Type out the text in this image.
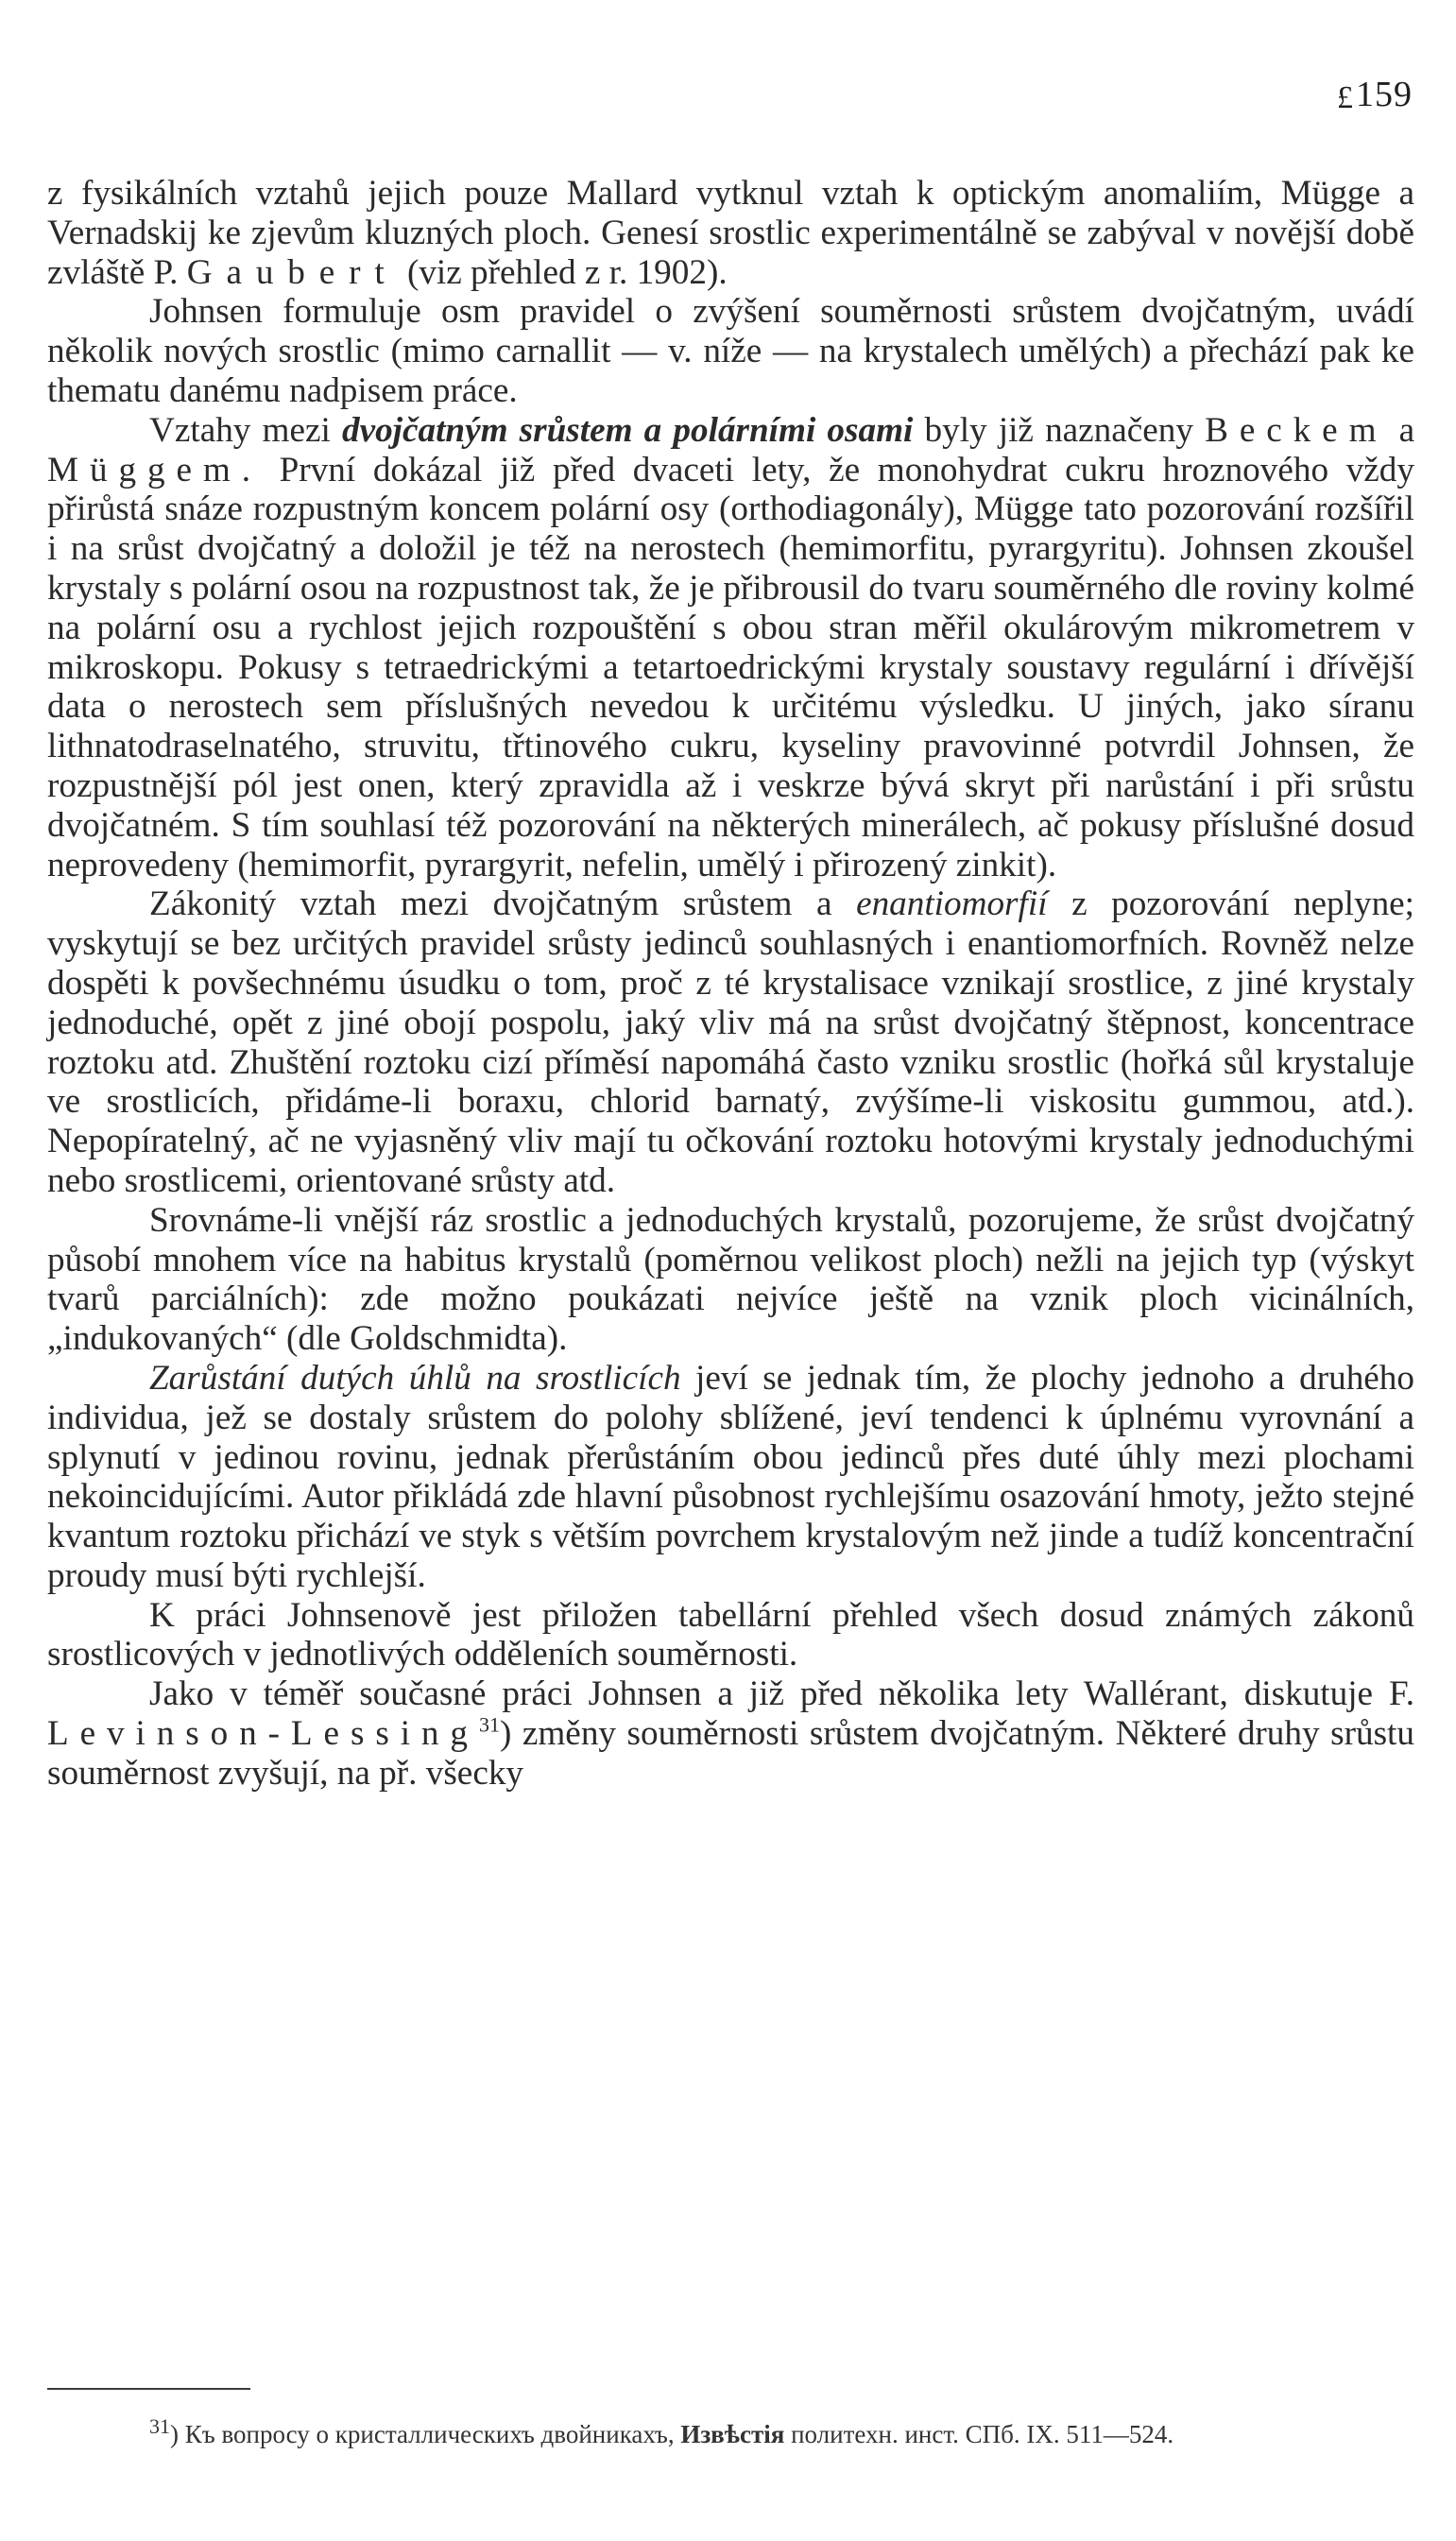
£159

z fysikálních vztahů jejich pouze Mallard vytknul vztah k optickým anomaliím, Mügge a Vernadskij ke zjevům kluzných ploch. Genesí srostlic experimentálně se zabýval v novější době zvláště P. Gaubert (viz přehled z r. 1902).

Johnsen formuluje osm pravidel o zvýšení souměrnosti srůstem dvojčatným, uvádí několik nových srostlic (mimo carnallit — v. níže — na krystalech umělých) a přechází pak ke thematu danému nadpisem práce.

Vztahy mezi dvojčatným srůstem a polárními osami byly již naznačeny Beckem a Müggem. První dokázal již před dvaceti lety, že monohydrat cukru hroznového vždy přirůstá snáze rozpustným koncem polární osy (orthodiagonály), Mügge tato pozorování rozšířil i na srůst dvojčatný a doložil je též na nerostech (hemimorfitu, pyrargyritu). Johnsen zkoušel krystaly s polární osou na rozpustnost tak, že je přibrousil do tvaru souměrného dle roviny kolmé na polární osu a rychlost jejich rozpouštění s obou stran měřil okulárovým mikrometrem v mikroskopu. Pokusy s tetraedrickými a tetartoedrickými krystaly soustavy regulární i dřívější data o nerostech sem příslušných nevedou k určitému výsledku. U jiných, jako síranu lithnatodraselnatého, struvitu, třtinového cukru, kyseliny pravovinné potvrdil Johnsen, že rozpustnější pól jest onen, který zpravidla až i veskrze bývá skryt při narůstání i při srůstu dvojčatném. S tím souhlasí též pozorování na některých minerálech, ač pokusy příslušné dosud neprovedeny (hemimorfit, pyrargyrit, nefelin, umělý i přirozený zinkit).

Zákonitý vztah mezi dvojčatným srůstem a enantiomorfií z pozorování neplyne; vyskytují se bez určitých pravidel srůsty jedinců souhlasných i enantiomorfních. Rovněž nelze dospěti k povšechnému úsudku o tom, proč z té krystalisace vznikají srostlice, z jiné krystaly jednoduché, opět z jiné obojí pospolu, jaký vliv má na srůst dvojčatný štěpnost, koncentrace roztoku atd. Zhuštění roztoku cizí příměsí napomáhá často vzniku srostlic (hořká sůl krystaluje ve srostlicích, přidáme-li boraxu, chlorid barnatý, zvýšíme-li viskositu gummou, atd.). Nepopíratelný, ač ne vyjasněný vliv mají tu očkování roztoku hotovými krystaly jednoduchými nebo srostlicemi, orientované srůsty atd.

Srovnáme-li vnější ráz srostlic a jednoduchých krystalů, pozorujeme, že srůst dvojčatný působí mnohem více na habitus krystalů (poměrnou velikost ploch) nežli na jejich typ (výskyt tvarů parciálních): zde možno poukázati nejvíce ještě na vznik ploch vicinálních, „indukovaných“ (dle Goldschmidta).

Zarůstání dutých úhlů na srostlicích jeví se jednak tím, že plochy jednoho a druhého individua, jež se dostaly srůstem do polohy sblížené, jeví tendenci k úplnému vyrovnání a splynutí v jedinou rovinu, jednak přerůstáním obou jedinců přes duté úhly mezi plochami nekoincidujícími. Autor přikládá zde hlavní působnost rychlejšímu osazování hmoty, ježto stejné kvantum roztoku přichází ve styk s větším povrchem krystalovým než jinde a tudíž koncentrační proudy musí býti rychlejší.

K práci Johnsenově jest přiložen tabellární přehled všech dosud známých zákonů srostlicových v jednotlivých odděleních souměrnosti.

Jako v téměř současné práci Johnsen a již před několika lety Wallérant, diskutuje F. Levinson-Lessing$^{31}$) změny souměrnosti srůstem dvojčatným. Některé druhy srůstu souměrnost zvyšují, na př. všecky

$^{31}$) Къ вопросу о кристаллическихъ двойникахъ, Извѣстія политехн. инст. СПб. IX. 511—524.
